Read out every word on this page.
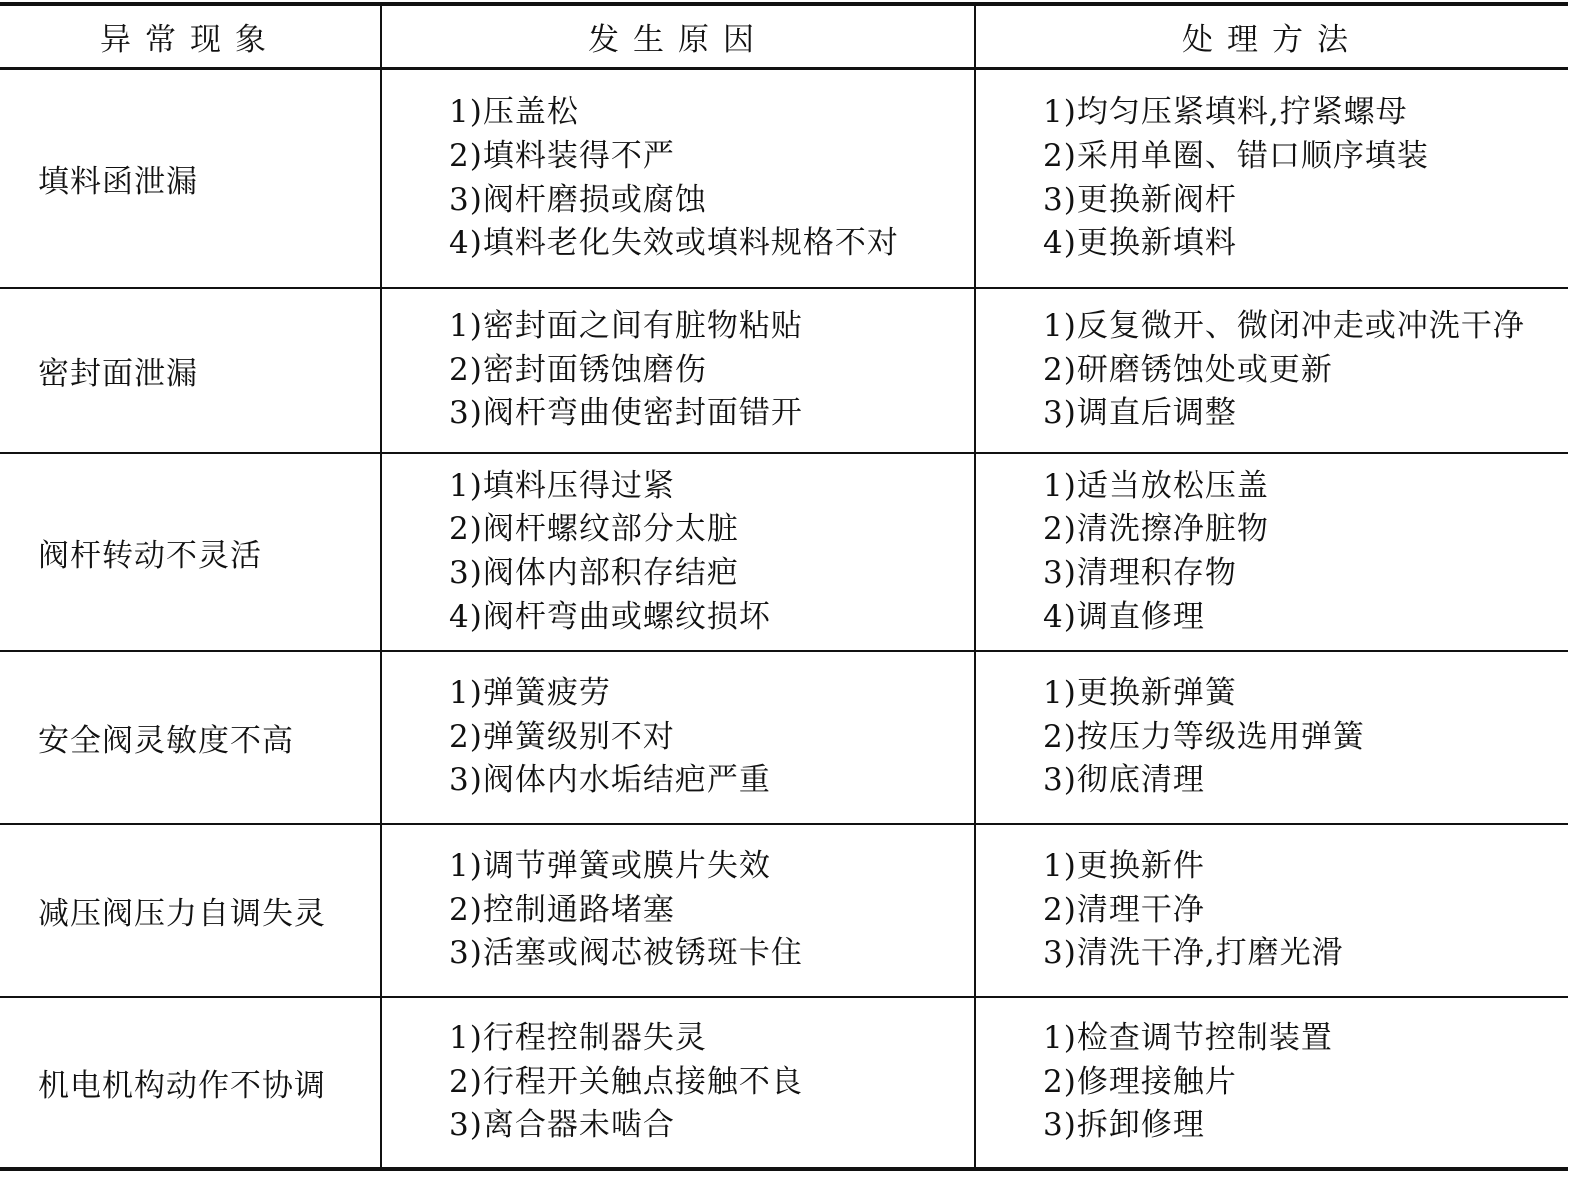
异常现象	发生原因	处理方法
填料函泄漏
1)压盖松
2)填料装得不严
3)阀杆磨损或腐蚀
4)填料老化失效或填料规格不对
1)均匀压紧填料,拧紧螺母
2)采用单圈、错口顺序填装
3)更换新阀杆
4)更换新填料
密封面泄漏
1)密封面之间有脏物粘贴
2)密封面锈蚀磨伤
3)阀杆弯曲使密封面错开
1)反复微开、微闭冲走或冲洗干净
2)研磨锈蚀处或更新
3)调直后调整
阀杆转动不灵活
1)填料压得过紧
2)阀杆螺纹部分太脏
3)阀体内部积存结疤
4)阀杆弯曲或螺纹损坏
1)适当放松压盖
2)清洗擦净脏物
3)清理积存物
4)调直修理
安全阀灵敏度不高
1)弹簧疲劳
2)弹簧级别不对
3)阀体内水垢结疤严重
1)更换新弹簧
2)按压力等级选用弹簧
3)彻底清理
减压阀压力自调失灵
1)调节弹簧或膜片失效
2)控制通路堵塞
3)活塞或阀芯被锈斑卡住
1)更换新件
2)清理干净
3)清洗干净,打磨光滑
机电机构动作不协调
1)行程控制器失灵
2)行程开关触点接触不良
3)离合器未啮合
1)检查调节控制装置
2)修理接触片
3)拆卸修理
